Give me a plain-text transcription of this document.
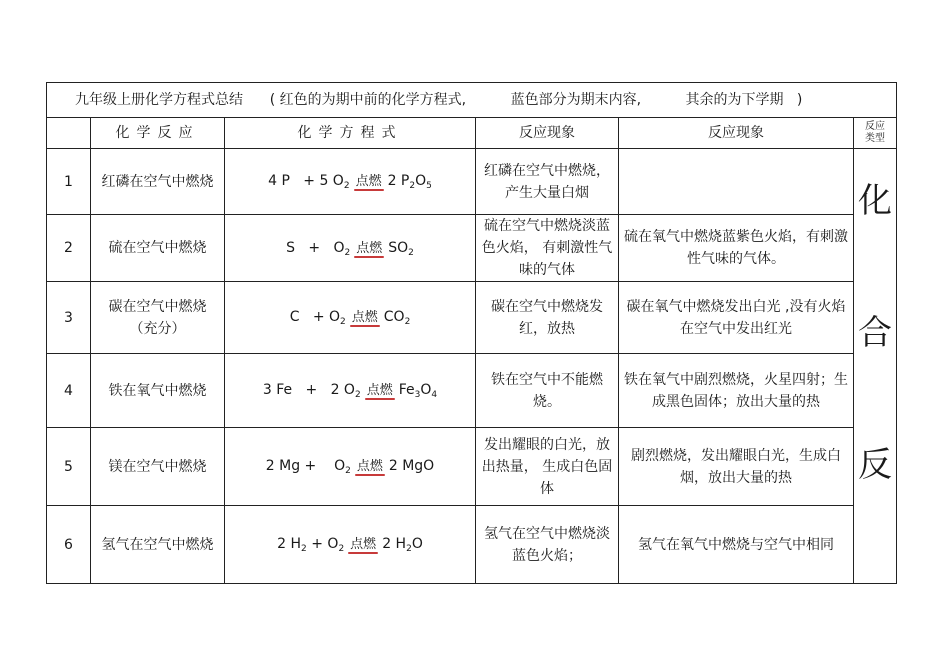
九年级上册化学方程式总结      ( 红色的为期中前的化学方程式,          蓝色部分为期末内容,          其余的为下学期   )					
	化学反应	化学方程式	反应现象	反应现象	反应
类型

1	红磷在空气中燃烧	4 P   + 5 $O_2$ 点燃 2 $P_2O_5$	红磷在空气中燃烧，产生大量白烟		化
合
反

2	硫在空气中燃烧	$S + O_2$ 点燃 $SO_2$	硫在空气中燃烧淡蓝色火焰， 有刺激性气味的气体	硫在氧气中燃烧蓝紫色火焰，有刺激性气味的气体。	
3	碳在空气中燃烧（充分）	$C + O_2$ 点燃 $CO_2$	碳在空气中燃烧发红，放热	碳在氧气中燃烧发出白光 ,没有火焰 在空气中发出红光	
4	铁在氧气中燃烧	3 Fe   +   2 $O_2$ 点燃 $Fe_3O_4$	铁在空气中不能燃烧。	铁在氧气中剧烈燃烧，火星四射；生成黑色固体；放出大量的热	
5	镁在空气中燃烧	2 Mg +    $O_2$ 点燃 2 MgO	发出耀眼的白光，放出热量， 生成白色固体	剧烈燃烧，发出耀眼白光，生成白烟，放出大量的热	
6	氢气在空气中燃烧	2 $H_2 + O_2$ 点燃 2 $H_2O$	氢气在空气中燃烧淡蓝色火焰；	氢气在氧气中燃烧与空气中相同	
